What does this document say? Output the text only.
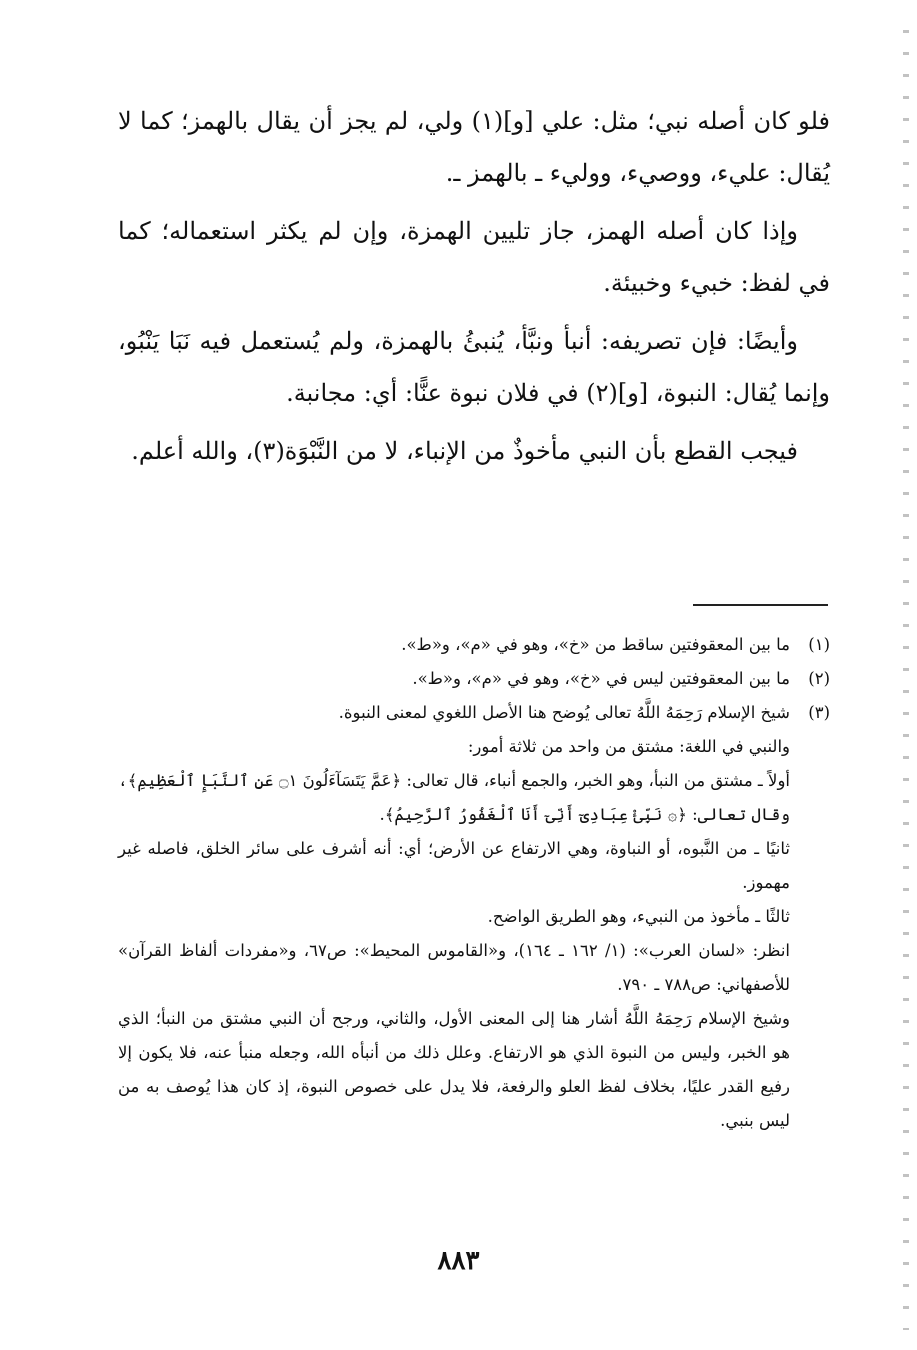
فلو كان أصله نبي؛ مثل: علي [و](١) ولي، لم يجز أن يقال بالهمز؛ كما لا يُقال: عليء، ووصيء، ووليء ـ بالهمز ـ.

وإذا كان أصله الهمز، جاز تليين الهمزة، وإن لم يكثر استعماله؛ كما في لفظ: خبيء وخبيئة.

وأيضًا: فإن تصريفه: أنبأ ونبَّأ، يُنبئُ بالهمزة، ولم يُستعمل فيه نَبَا يَنْبُو، وإنما يُقال: النبوة، [و](٢) في فلان نبوة عنًّا: أي: مجانبة.

فيجب القطع بأن النبي مأخوذٌ من الإنباء، لا من النَّبْوَة(٣)، والله أعلم.

(١)

ما بين المعقوفتين ساقط من «خ»، وهو في «م»، و«ط».

(٢)

ما بين المعقوفتين ليس في «خ»، وهو في «م»، و«ط».

(٣)

شيخ الإسلام رَحِمَهُ اللَّهُ تعالى يُوضح هنا الأصل اللغوي لمعنى النبوة.

والنبي في اللغة: مشتق من واحد من ثلاثة أمور:

أولاً ـ مشتق من النبأ، وهو الخبر، والجمع أنباء، قال تعالى: ﴿عَمَّ يَتَسَآءَلُونَ ۝١ عَنِ ٱلنَّبَإِ ٱلْعَظِيمِ﴾، وقال تعالى: ﴿۞ نَبِّئْ عِبَادِىٓ أَنِّىٓ أَنَا ٱلْغَفُورُ ٱلرَّحِيمُ﴾.

ثانيًا ـ من النَّبوه، أو النباوة، وهي الارتفاع عن الأرض؛ أي: أنه أشرف على سائر الخلق، فاصله غير مهموز.

ثالثًا ـ مأخوذ من النبيء، وهو الطريق الواضح.

انظر: «لسان العرب»: (١/ ١٦٢ ـ ١٦٤)، و«القاموس المحيط»: ص٦٧، و«مفردات ألفاظ القرآن» للأصفهاني: ص٧٨٨ ـ ٧٩٠.

وشيخ الإسلام رَحِمَهُ اللَّهُ أشار هنا إلى المعنى الأول، والثاني، ورجح أن النبي مشتق من النبأ؛ الذي هو الخبر، وليس من النبوة الذي هو الارتفاع. وعلل ذلك من أنبأه الله، وجعله منبأ عنه، فلا يكون إلا رفيع القدر عليًا، بخلاف لفظ العلو والرفعة، فلا يدل على خصوص النبوة، إذ كان هذا يُوصف به من ليس بنبي.

٨٨٣
